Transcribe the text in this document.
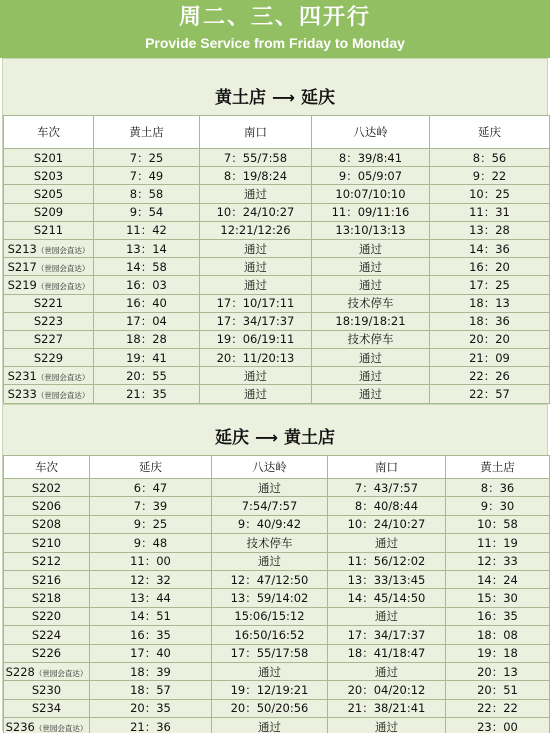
周二、三、四开行
Provide Service from Friday to Monday
黄土店 ⟶ 延庆
车次	黄土店	南口	八达岭	延庆
S201	7：25	7：55/7:58	8：39/8:41	8：56
S203	7：49	8：19/8:24	9：05/9:07	9：22
S205	8：58	通过	10:07/10:10	10：25
S209	9：54	10：24/10:27	11：09/11:16	11：31
S211	11：42	12:21/12:26	13:10/13:13	13：28
S213（世园会直达）	13：14	通过	通过	14：36
S217（世园会直达）	14：58	通过	通过	16：20
S219（世园会直达）	16：03	通过	通过	17：25
S221	16：40	17：10/17:11	技术停车	18：13
S223	17：04	17：34/17:37	18:19/18:21	18：36
S227	18：28	19：06/19:11	技术停车	20：20
S229	19：41	20：11/20:13	通过	21：09
S231（世园会直达）	20：55	通过	通过	22：26
S233（世园会直达）	21：35	通过	通过	22：57
延庆 ⟶ 黄土店
车次	延庆	八达岭	南口	黄土店
S202	6：47	通过	7：43/7:57	8：36
S206	7：39	7:54/7:57	8：40/8:44	9：30
S208	9：25	9：40/9:42	10：24/10:27	10：58
S210	9：48	技术停车	通过	11：19
S212	11：00	通过	11：56/12:02	12：33
S216	12：32	12：47/12:50	13：33/13:45	14：24
S218	13：44	13：59/14:02	14：45/14:50	15：30
S220	14：51	15:06/15:12	通过	16：35
S224	16：35	16:50/16:52	17：34/17:37	18：08
S226	17：40	17：55/17:58	18：41/18:47	19：18
S228（世园会直达）	18：39	通过	通过	20：13
S230	18：57	19：12/19:21	20：04/20:12	20：51
S234	20：35	20：50/20:56	21：38/21:41	22：22
S236（世园会直达）	21：36	通过	通过	23：00
